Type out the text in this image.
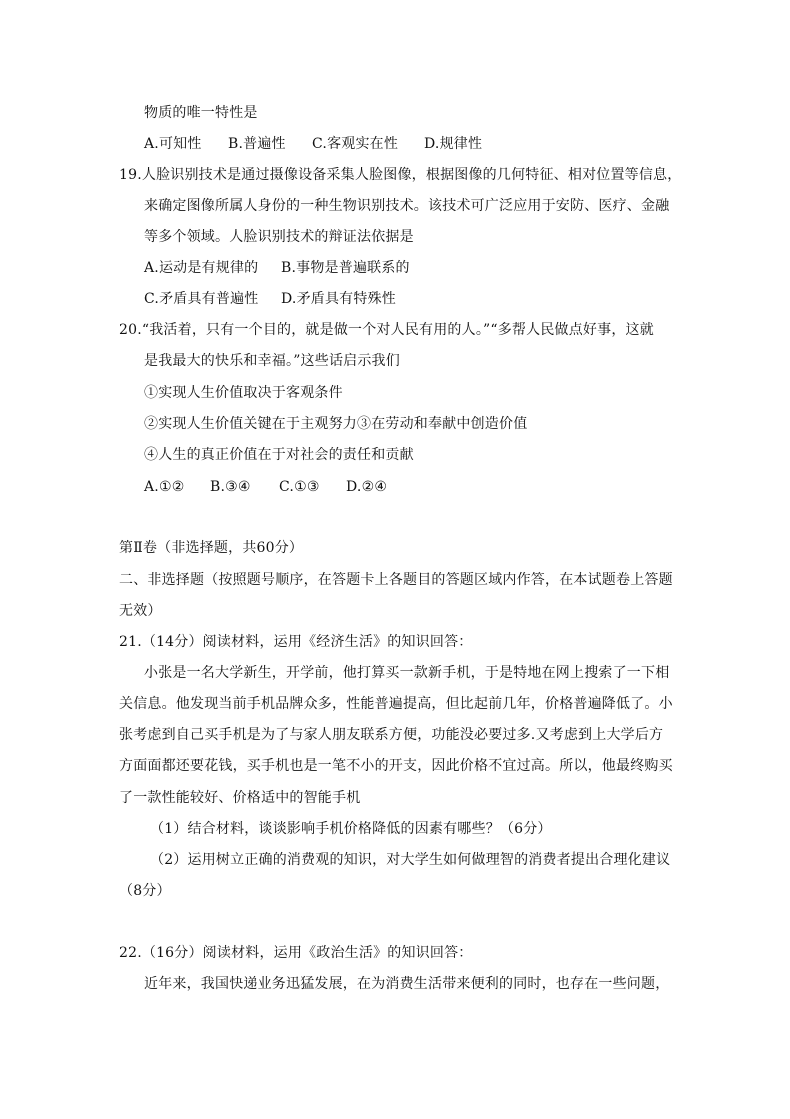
物质的唯一特性是
A.可知性 B.普遍性 C.客观实在性 D.规律性
19.人脸识别技术是通过摄像设备采集人脸图像，根据图像的几何特征、相对位置等信息，
来确定图像所属人身份的一种生物识别技术。该技术可广泛应用于安防、医疗、金融
等多个领域。人脸识别技术的辩证法依据是
A.运动是有规律的 B.事物是普遍联系的
C.矛盾具有普遍性 D.矛盾具有特殊性
20.“我活着，只有一个目的，就是做一个对人民有用的人。”“多帮人民做点好事，这就
是我最大的快乐和幸福。”这些话启示我们
①实现人生价值取决于客观条件
②实现人生价值关键在于主观努力③在劳动和奉献中创造价值
④人生的真正价值在于对社会的责任和贡献
A.①② B.③④ C.①③ D.②④
第Ⅱ卷（非选择题，共60分）
二、非选择题（按照题号顺序，在答题卡上各题目的答题区域内作答，在本试题卷上答题
无效）
21.（14分）阅读材料，运用《经济生活》的知识回答：
小张是一名大学新生，开学前，他打算买一款新手机，于是特地在网上搜索了一下相
关信息。他发现当前手机品牌众多，性能普遍提高，但比起前几年，价格普遍降低了。小
张考虑到自己买手机是为了与家人朋友联系方便，功能没必要过多.又考虑到上大学后方
方面面都还要花钱，买手机也是一笔不小的开支，因此价格不宜过高。所以，他最终购买
了一款性能较好、价格适中的智能手机
（1）结合材料，谈谈影响手机价格降低的因素有哪些？（6分）
（2）运用树立正确的消费观的知识，对大学生如何做理智的消费者提出合理化建议
（8分）
22.（16分）阅读材料，运用《政治生活》的知识回答：
近年来，我国快递业务迅猛发展，在为消费生活带来便利的同时，也存在一些问题，
